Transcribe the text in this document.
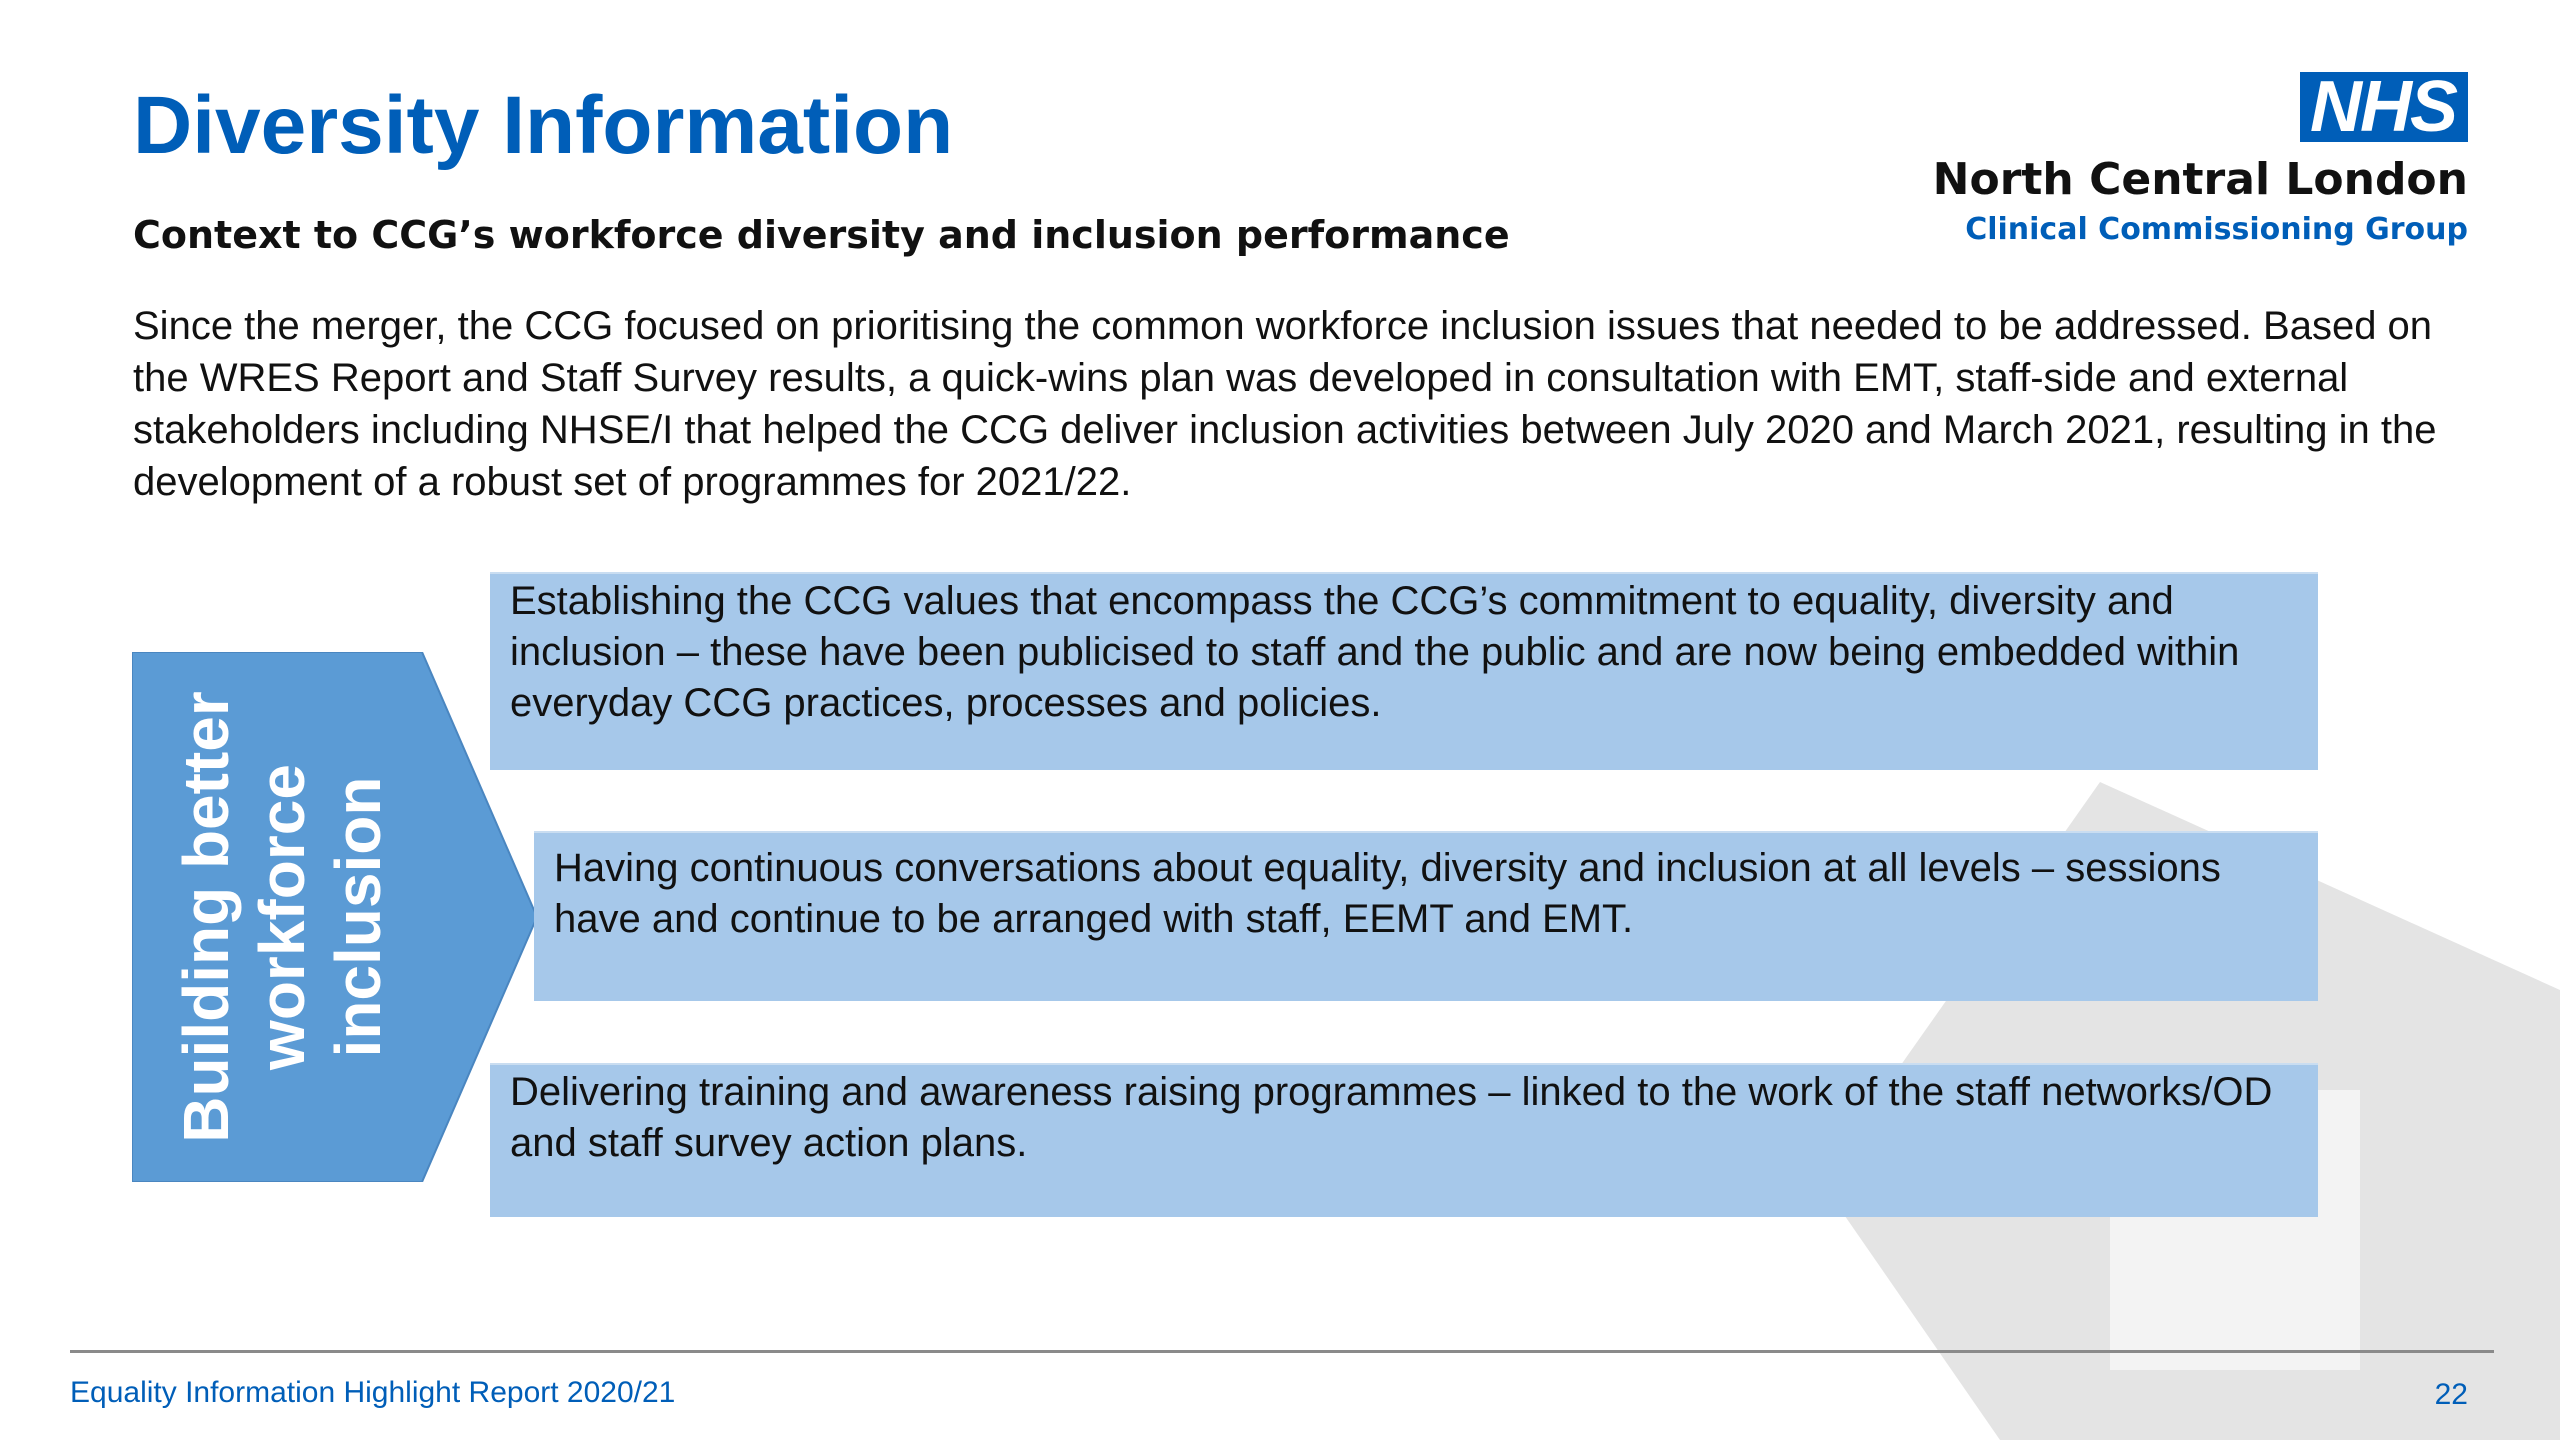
Diversity Information

Context to CCG’s workforce diversity and inclusion performance

NHS
North Central London
Clinical Commissioning Group

Since the merger, the CCG focused on prioritising the common workforce inclusion issues that needed to be addressed. Based on the WRES Report and Staff Survey results, a quick-wins plan was developed in consultation with EMT, staff-side and external stakeholders including NHSE/I that helped the CCG deliver inclusion activities between July 2020 and March 2021, resulting in the development of a robust set of programmes for 2021/22.

Building better
workforce
inclusion

Establishing the CCG values that encompass the CCG’s commitment to equality, diversity and inclusion – these have been publicised to staff and the public and are now being embedded within everyday CCG practices, processes and policies.

Having continuous conversations about equality, diversity and inclusion at all levels – sessions have and continue to be arranged with staff, EEMT and EMT.

Delivering training and awareness raising programmes – linked to the work of the staff networks/OD and staff survey action plans.

Equality Information Highlight Report 2020/21	22
